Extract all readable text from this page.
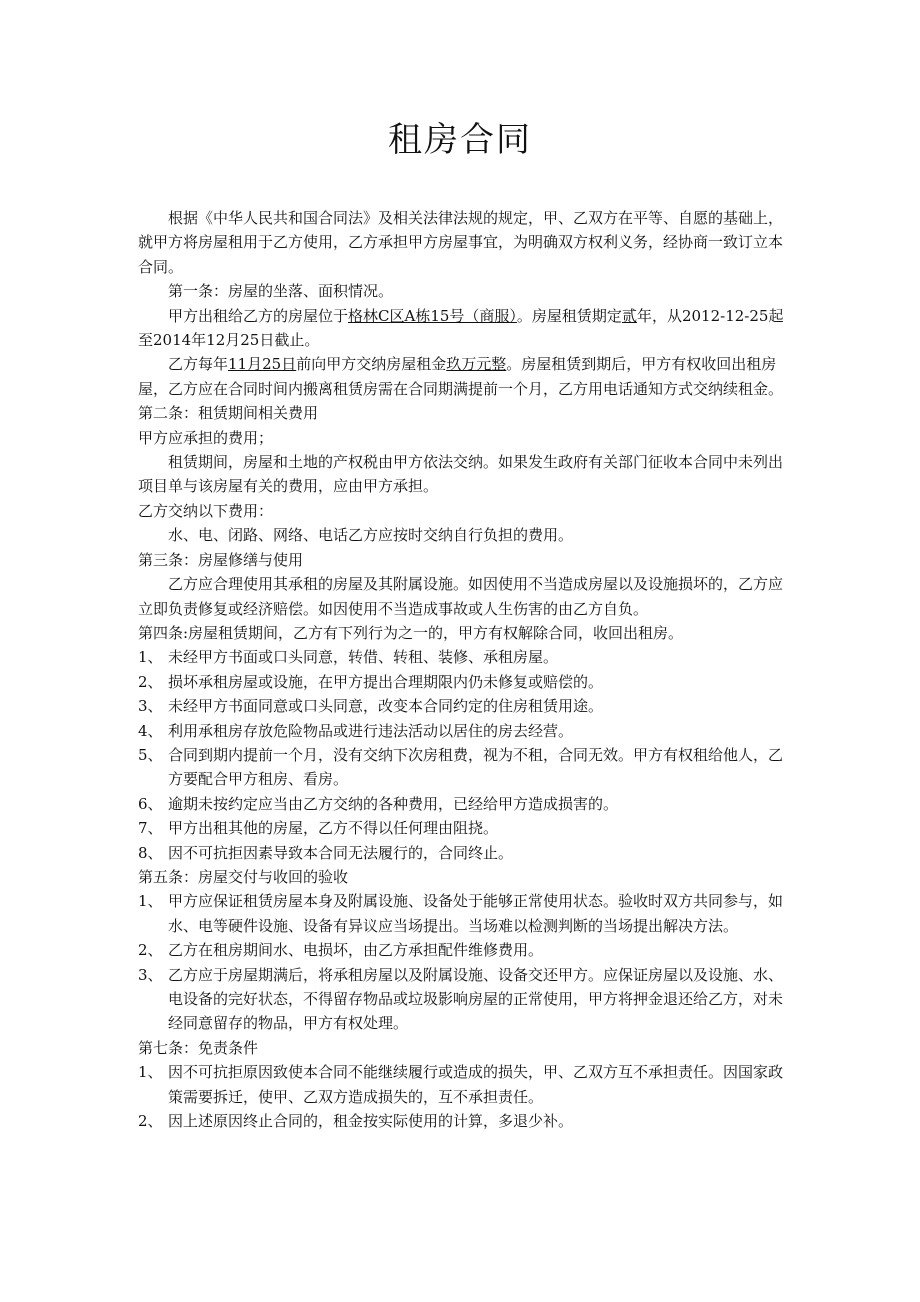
租房合同

根据《中华人民共和国合同法》及相关法律法规的规定，甲、乙双方在平等、自愿的基础上，就甲方将房屋租用于乙方使用，乙方承担甲方房屋事宜，为明确双方权利义务，经协商一致订立本合同。

第一条：房屋的坐落、面积情况。

甲方出租给乙方的房屋位于格林C区A栋15号（商服）。房屋租赁期定贰年，从2012-12-25起至2014年12月25日截止。

乙方每年11月25日前向甲方交纳房屋租金玖万元整。房屋租赁到期后，甲方有权收回出租房屋，乙方应在合同时间内搬离租赁房需在合同期满提前一个月，乙方用电话通知方式交纳续租金。

第二条：租赁期间相关费用

甲方应承担的费用；

租赁期间，房屋和土地的产权税由甲方依法交纳。如果发生政府有关部门征收本合同中未列出项目单与该房屋有关的费用，应由甲方承担。

乙方交纳以下费用：

水、电、闭路、网络、电话乙方应按时交纳自行负担的费用。

第三条：房屋修缮与使用

乙方应合理使用其承租的房屋及其附属设施。如因使用不当造成房屋以及设施损坏的，乙方应立即负责修复或经济赔偿。如因使用不当造成事故或人生伤害的由乙方自负。

第四条:房屋租赁期间，乙方有下列行为之一的，甲方有权解除合同，收回出租房。

1、 未经甲方书面或口头同意，转借、转租、装修、承租房屋。
2、 损坏承租房屋或设施，在甲方提出合理期限内仍未修复或赔偿的。
3、 未经甲方书面同意或口头同意，改变本合同约定的住房租赁用途。
4、 利用承租房存放危险物品或进行违法活动以居住的房去经营。
5、 合同到期内提前一个月，没有交纳下次房租费，视为不租，合同无效。甲方有权租给他人，乙方要配合甲方租房、看房。
6、 逾期未按约定应当由乙方交纳的各种费用，已经给甲方造成损害的。
7、 甲方出租其他的房屋，乙方不得以任何理由阻挠。
8、 因不可抗拒因素导致本合同无法履行的，合同终止。

第五条：房屋交付与收回的验收

1、 甲方应保证租赁房屋本身及附属设施、设备处于能够正常使用状态。验收时双方共同参与，如水、电等硬件设施、设备有异议应当场提出。当场难以检测判断的当场提出解决方法。
2、 乙方在租房期间水、电损坏，由乙方承担配件维修费用。
3、 乙方应于房屋期满后，将承租房屋以及附属设施、设备交还甲方。应保证房屋以及设施、水、电设备的完好状态，不得留存物品或垃圾影响房屋的正常使用，甲方将押金退还给乙方，对未经同意留存的物品，甲方有权处理。

第七条：免责条件

1、 因不可抗拒原因致使本合同不能继续履行或造成的损失，甲、乙双方互不承担责任。因国家政策需要拆迁，使甲、乙双方造成损失的，互不承担责任。
2、 因上述原因终止合同的，租金按实际使用的计算，多退少补。
